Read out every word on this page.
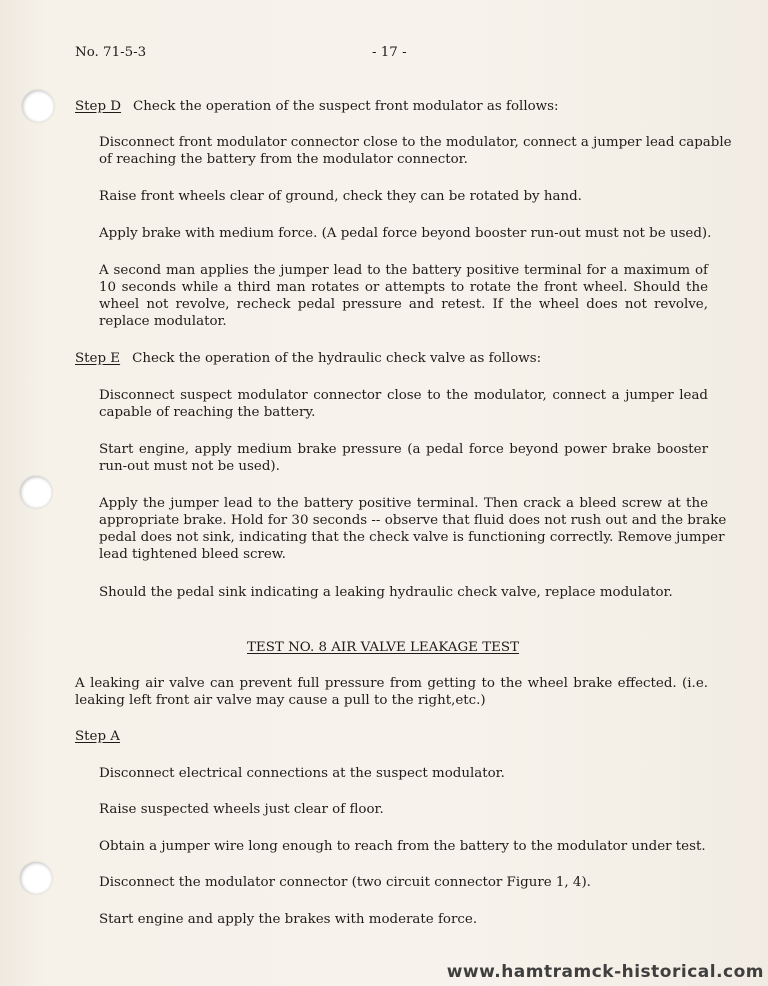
No. 71-5-3	- 17 -
Step D Check the operation of the suspect front modulator as follows:
Disconnect front modulator connector close to the modulator, connect a jumper lead capable
of reaching the battery from the modulator connector.
Raise front wheels clear of ground, check they can be rotated by hand.
Apply brake with medium force. (A pedal force beyond booster run-out must not be used).
A second man applies the jumper lead to the battery positive terminal for a maximum of
10 seconds while a third man rotates or attempts to rotate the front wheel. Should the
wheel not revolve, recheck pedal pressure and retest. If the wheel does not revolve,
replace modulator.
Step E Check the operation of the hydraulic check valve as follows:
Disconnect suspect modulator connector close to the modulator, connect a jumper lead
capable of reaching the battery.
Start engine, apply medium brake pressure (a pedal force beyond power brake booster
run-out must not be used).
Apply the jumper lead to the battery positive terminal. Then crack a bleed screw at the
appropriate brake. Hold for 30 seconds -- observe that fluid does not rush out and the brake
pedal does not sink, indicating that the check valve is functioning correctly. Remove jumper
lead tightened bleed screw.
Should the pedal sink indicating a leaking hydraulic check valve, replace modulator.
TEST NO. 8 AIR VALVE LEAKAGE TEST
A leaking air valve can prevent full pressure from getting to the wheel brake effected. (i.e.
leaking left front air valve may cause a pull to the right,etc.)
Step A
Disconnect electrical connections at the suspect modulator.
Raise suspected wheels just clear of floor.
Obtain a jumper wire long enough to reach from the battery to the modulator under test.
Disconnect the modulator connector (two circuit connector Figure 1, 4).
Start engine and apply the brakes with moderate force.
www.hamtramck-historical.com
